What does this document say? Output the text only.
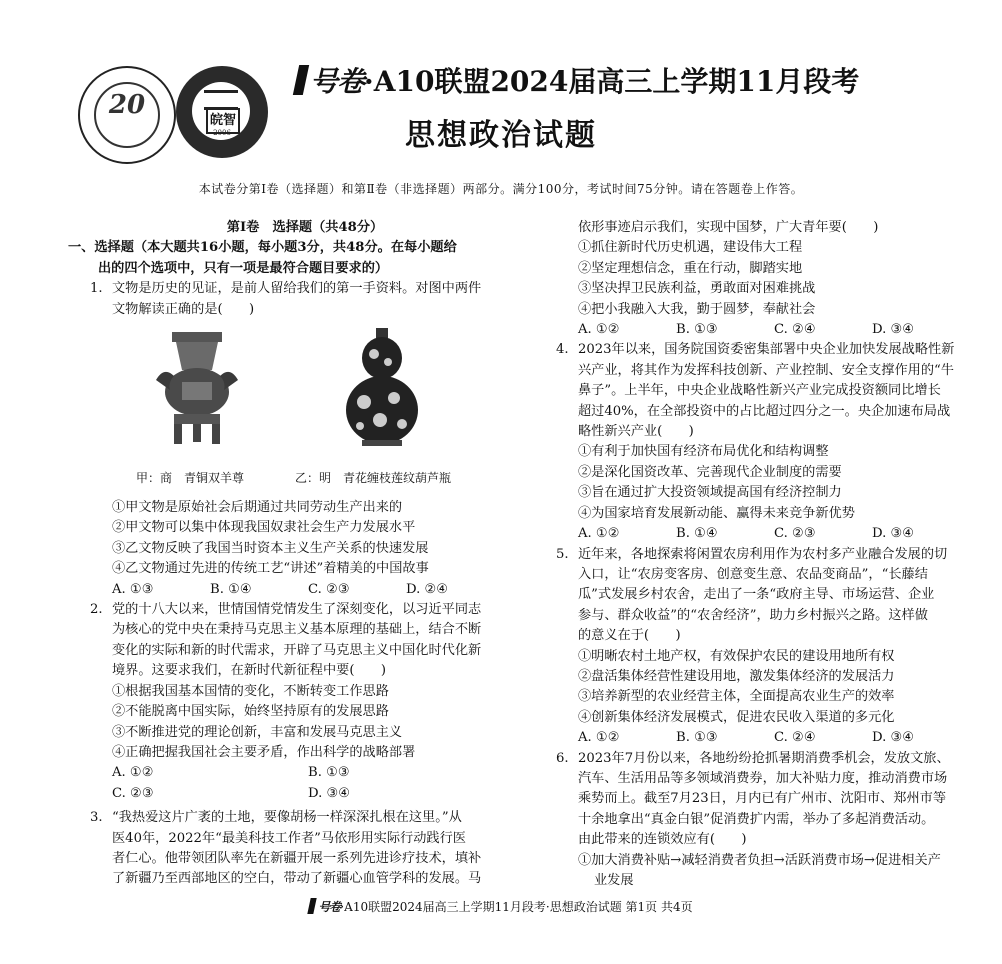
20
皖智
2006
号卷·A10联盟2024届高三上学期11月段考
思想政治试题
本试卷分第Ⅰ卷（选择题）和第Ⅱ卷（非选择题）两部分。满分100分，考试时间75分钟。请在答题卷上作答。
第Ⅰ卷　选择题（共48分）
一、选择题（本大题共16小题，每小题3分，共48分。在每小题给
出的四个选项中，只有一项是最符合题目要求的）
1. 文物是历史的见证，是前人留给我们的第一手资料。对图中两件
文物解读正确的是(　　)
甲：商　青铜双羊尊	乙：明　青花缠枝莲纹葫芦瓶
①甲文物是原始社会后期通过共同劳动生产出来的
②甲文物可以集中体现我国奴隶社会生产力发展水平
③乙文物反映了我国当时资本主义生产关系的快速发展
④乙文物通过先进的传统工艺“讲述”着精美的中国故事
A. ①③	B. ①④	C. ②③	D. ②④
2. 党的十八大以来，世情国情党情发生了深刻变化，以习近平同志
为核心的党中央在秉持马克思主义基本原理的基础上，结合不断
变化的实际和新的时代需求，开辟了马克思主义中国化时代化新
境界。这要求我们，在新时代新征程中要(　　)
①根据我国基本国情的变化，不断转变工作思路
②不能脱离中国实际，始终坚持原有的发展思路
③不断推进党的理论创新，丰富和发展马克思主义
④正确把握我国社会主要矛盾，作出科学的战略部署
A. ①②	B. ①③
C. ②③	D. ③④
3. “我热爱这片广袤的土地，要像胡杨一样深深扎根在这里。”从
医40年，2022年“最美科技工作者”马依形用实际行动践行医
者仁心。他带领团队率先在新疆开展一系列先进诊疗技术，填补
了新疆乃至西部地区的空白，带动了新疆心血管学科的发展。马
依形事迹启示我们，实现中国梦，广大青年要(　　)
①抓住新时代历史机遇，建设伟大工程
②坚定理想信念，重在行动，脚踏实地
③坚决捍卫民族利益，勇敢面对困难挑战
④把小我融入大我，勤于圆梦，奉献社会
A. ①②	B. ①③	C. ②④	D. ③④
4. 2023年以来，国务院国资委密集部署中央企业加快发展战略性新
兴产业，将其作为发挥科技创新、产业控制、安全支撑作用的“牛
鼻子”。上半年，中央企业战略性新兴产业完成投资额同比增长
超过40%，在全部投资中的占比超过四分之一。央企加速布局战
略性新兴产业(　　)
①有利于加快国有经济布局优化和结构调整
②是深化国资改革、完善现代企业制度的需要
③旨在通过扩大投资领域提高国有经济控制力
④为国家培育发展新动能、赢得未来竞争新优势
A. ①②	B. ①④	C. ②③	D. ③④
5. 近年来，各地探索将闲置农房利用作为农村多产业融合发展的切
入口，让“农房变客房、创意变生意、农品变商品”，“长藤结
瓜”式发展乡村农舍，走出了一条“政府主导、市场运营、企业
参与、群众收益”的“农舍经济”，助力乡村振兴之路。这样做
的意义在于(　　)
①明晰农村土地产权，有效保护农民的建设用地所有权
②盘活集体经营性建设用地，激发集体经济的发展活力
③培养新型的农业经营主体，全面提高农业生产的效率
④创新集体经济发展模式，促进农民收入渠道的多元化
A. ①②	B. ①③	C. ②④	D. ③④
6. 2023年7月份以来，各地纷纷抢抓暑期消费季机会，发放文旅、
汽车、生活用品等多领域消费券，加大补贴力度，推动消费市场
乘势而上。截至7月23日，月内已有广州市、沈阳市、郑州市等
十余地拿出“真金白银”促消费扩内需，举办了多起消费活动。
由此带来的连锁效应有(　　)
①加大消费补贴→减轻消费者负担→活跃消费市场→促进相关产
业发展
号卷·A10联盟2024届高三上学期11月段考·思想政治试题 第1页 共4页
